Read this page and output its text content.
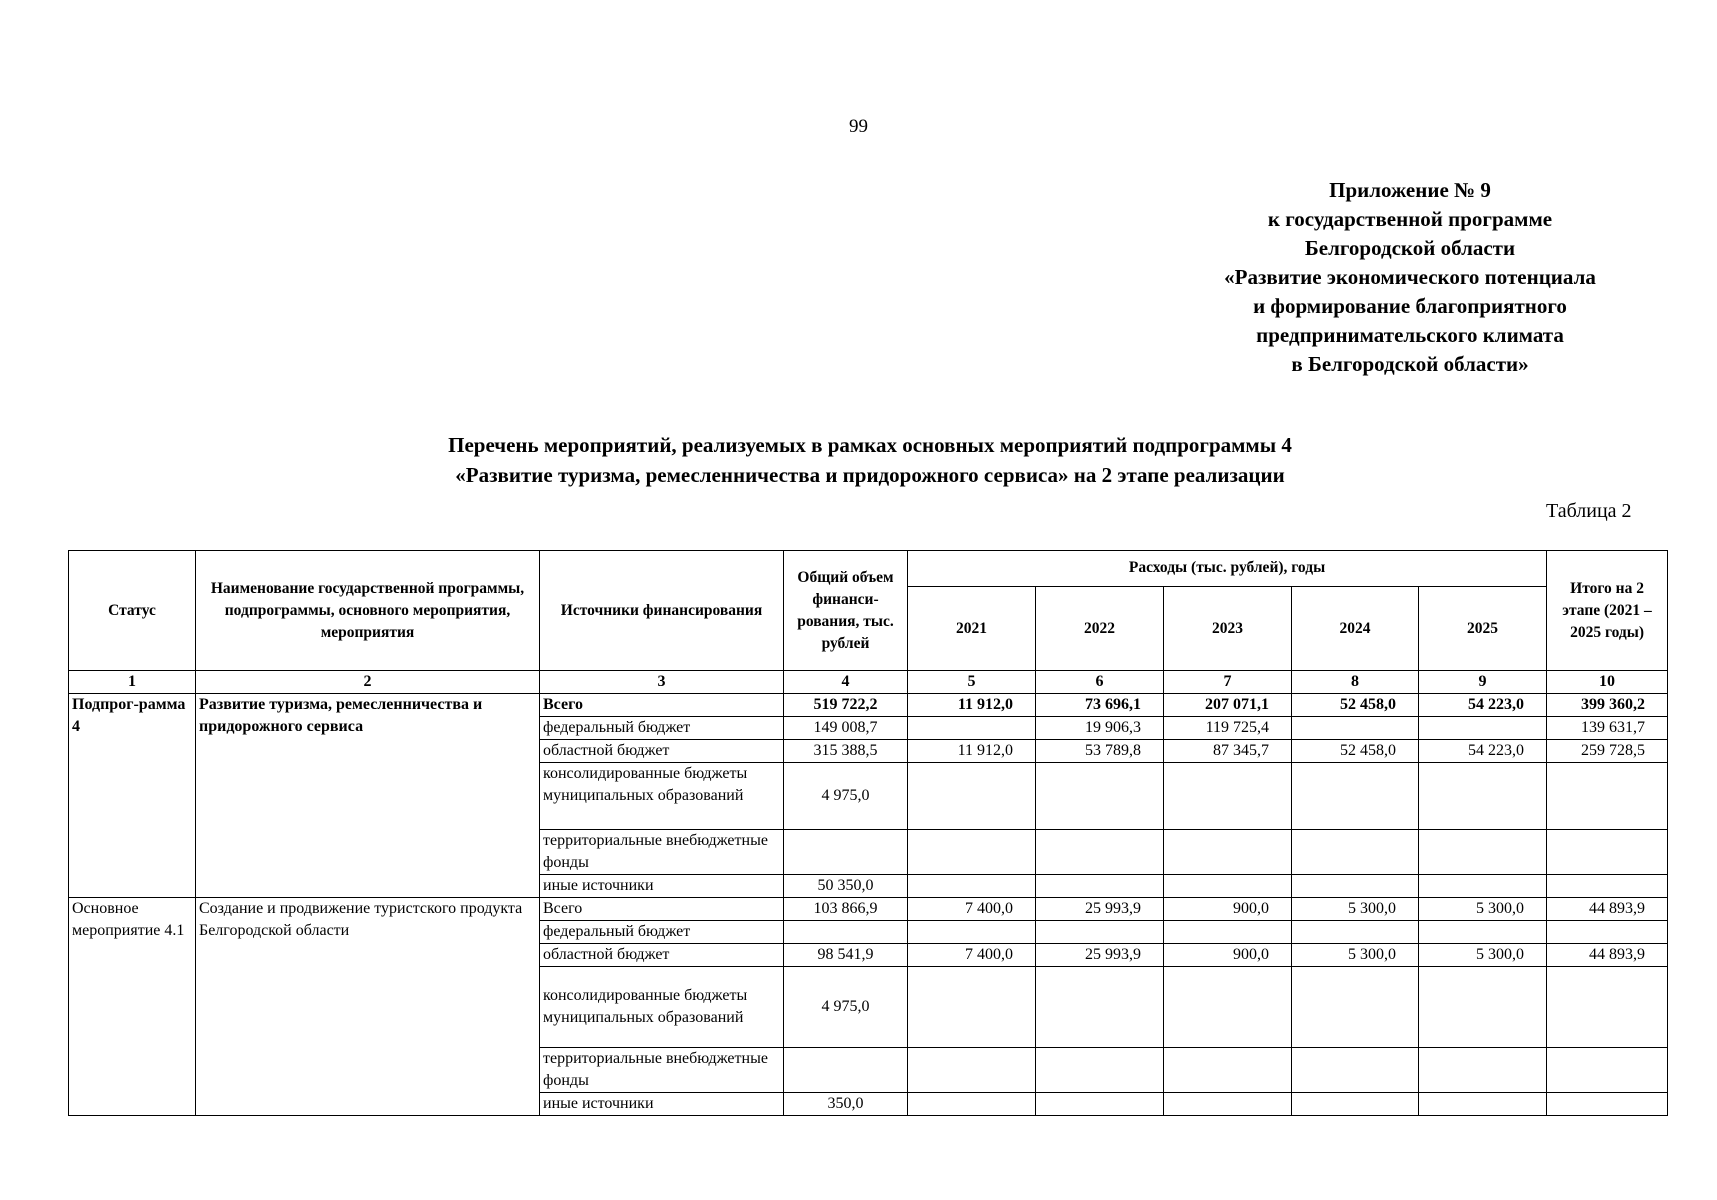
99
Приложение № 9
к государственной программе
Белгородской области
«Развитие экономического потенциала
и формирование благоприятного
предпринимательского климата
в Белгородской области»
Перечень мероприятий, реализуемых в рамках основных мероприятий подпрограммы 4
«Развитие туризма, ремесленничества и придорожного сервиса» на 2 этапе реализации
Таблица 2
Статус	Наименование государственной программы, подпрограммы, основного мероприятия, мероприятия	Источники финансирования	Общий объем финанси-рования, тыс. рублей	Расходы (тыс. рублей), годы					Итого на 2 этапе (2021 – 2025 годы)
				2021	2022	2023	2024	2025	
1	2	3	4	5	6	7	8	9	10
Подпрог-рамма 4	Развитие туризма, ремесленничества и придорожного сервиса	Всего	519 722,2	11 912,0	73 696,1	207 071,1	52 458,0	54 223,0	399 360,2
		федеральный бюджет	149 008,7		19 906,3	119 725,4			139 631,7
		областной бюджет	315 388,5	11 912,0	53 789,8	87 345,7	52 458,0	54 223,0	259 728,5
		консолидированные бюджеты муниципальных образований	4 975,0						
		территориальные внебюджетные фонды							
		иные источники	50 350,0						
Основное мероприятие 4.1	Создание и продвижение туристского продукта Белгородской области	Всего	103 866,9	7 400,0	25 993,9	900,0	5 300,0	5 300,0	44 893,9
		федеральный бюджет							
		областной бюджет	98 541,9	7 400,0	25 993,9	900,0	5 300,0	5 300,0	44 893,9
		консолидированные бюджеты муниципальных образований	4 975,0						
		территориальные внебюджетные фонды							
		иные источники	350,0						
